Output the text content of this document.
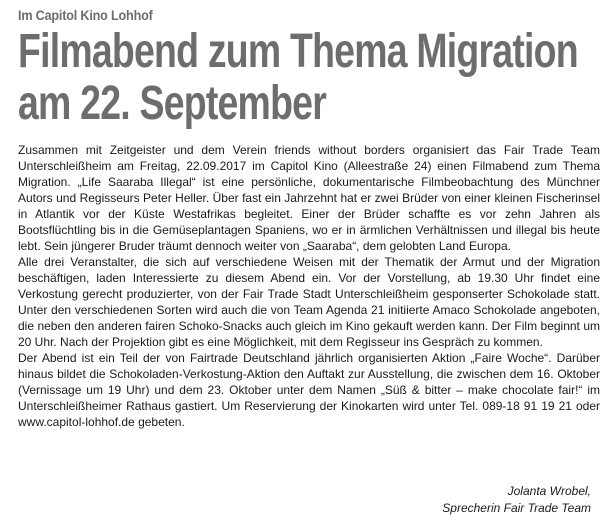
Im Capitol Kino Lohhof
Filmabend zum Thema Migration
am 22. September

Zusammen mit Zeitgeister und dem Verein friends without borders organisiert das Fair Trade Team Unterschleißheim am Freitag, 22.09.2017 im Capitol Kino (Alleestraße 24) einen Filmabend zum Thema Migration. „Life Saaraba Illegal“ ist eine persönliche, dokumentarische Filmbeobachtung des Münchner Autors und Regisseurs Peter Heller. Über fast ein Jahrzehnt hat er zwei Brüder von einer kleinen Fischerinsel in Atlantik vor der Küste Westafrikas begleitet. Einer der Brüder schaffte es vor zehn Jahren als Bootsflüchtling bis in die Gemüseplantagen Spaniens, wo er in ärmlichen Verhältnissen und illegal bis heute lebt. Sein jüngerer Bruder träumt dennoch weiter von „Saaraba“, dem gelobten Land Europa.

Alle drei Veranstalter, die sich auf verschiedene Weisen mit der Thematik der Armut und der Migration beschäftigen, laden Interessierte zu diesem Abend ein. Vor der Vorstellung, ab 19.30 Uhr findet eine Verkostung gerecht produzierter, von der Fair Trade Stadt Unterschleißheim gesponserter Schokolade statt. Unter den verschiedenen Sorten wird auch die von Team Agenda 21 initiierte Amaco Schokolade angeboten, die neben den anderen fairen Schoko-Snacks auch gleich im Kino gekauft werden kann. Der Film beginnt um 20 Uhr. Nach der Projektion gibt es eine Möglichkeit, mit dem Regisseur ins Gespräch zu kommen.

Der Abend ist ein Teil der von Fairtrade Deutschland jährlich organisierten Aktion „Faire Woche“. Darüber hinaus bildet die Schokoladen-Verkostung-Aktion den Auftakt zur Ausstellung, die zwischen dem 16. Oktober (Vernissage um 19 Uhr) und dem 23. Oktober unter dem Namen „Süß & bitter – make chocolate fair!“ im Unterschleißheimer Rathaus gastiert. Um Reservierung der Kinokarten wird unter Tel. 089-18 91 19 21 oder www.capitol-lohhof.de gebeten.

Jolanta Wrobel,
Sprecherin Fair Trade Team
